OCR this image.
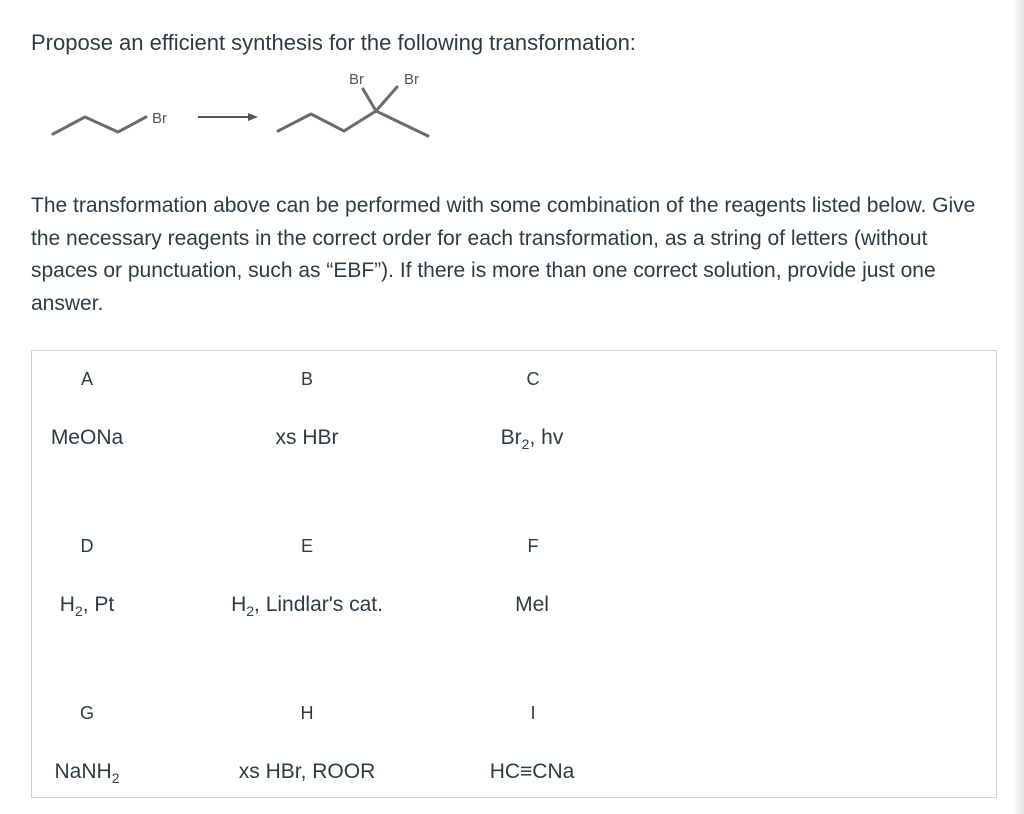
Propose an efficient synthesis for the following transformation:
Br
Br	Br

The transformation above can be performed with some combination of the reagents listed below. Give the necessary reagents in the correct order for each transformation, as a string of letters (without spaces or punctuation, such as “EBF”). If there is more than one correct solution, provide just one answer.

A
MeONa
B
xs HBr
C
$Br_2$, hv
D
$H_2$, Pt
E
$H_2$, Lindlar's cat.
F
Mel
G
NaNH$_2$
H
xs HBr, ROOR
I
HC≡CNa
